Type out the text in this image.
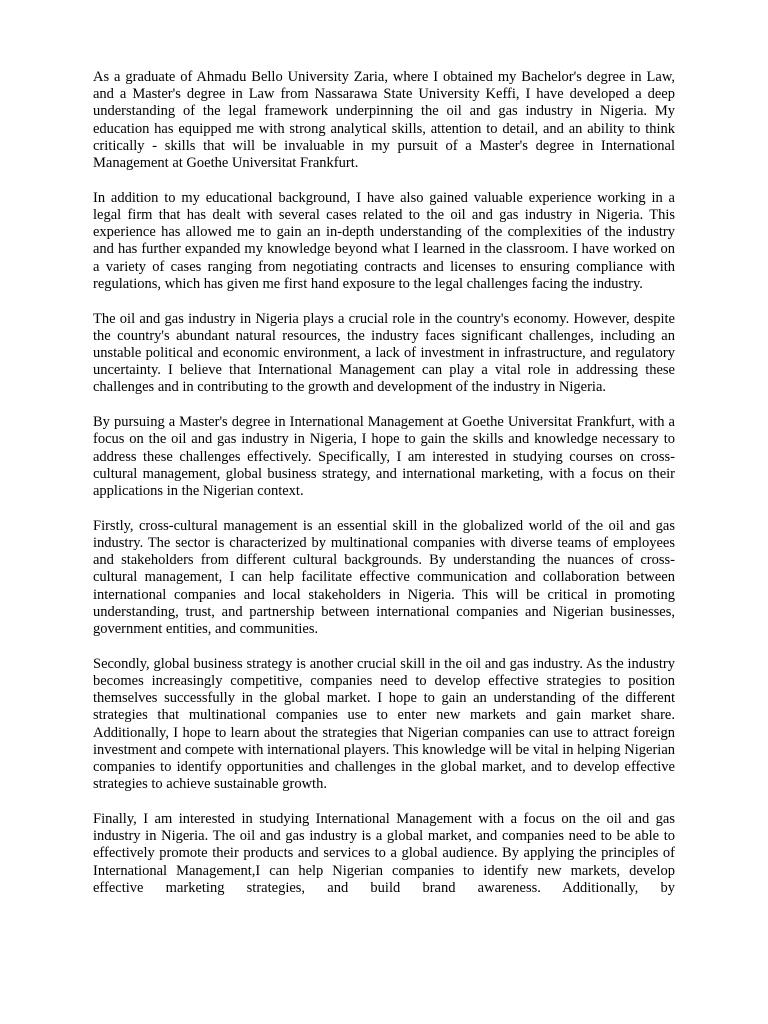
As a graduate of Ahmadu Bello University Zaria, where I obtained my Bachelor's degree in Law, and a Master's degree in Law from Nassarawa State University Keffi, I have developed a deep understanding of the legal framework underpinning the oil and gas industry in Nigeria. My education has equipped me with strong analytical skills, attention to detail, and an ability to think critically - skills that will be invaluable in my pursuit of a Master's degree in International Management at Goethe Universitat Frankfurt.

In addition to my educational background, I have also gained valuable experience working in a legal firm that has dealt with several cases related to the oil and gas industry in Nigeria. This experience has allowed me to gain an in-depth understanding of the complexities of the industry and has further expanded my knowledge beyond what I learned in the classroom. I have worked on a variety of cases ranging from negotiating contracts and licenses to ensuring compliance with regulations, which has given me first hand exposure to the legal challenges facing the industry.

The oil and gas industry in Nigeria plays a crucial role in the country's economy. However, despite the country's abundant natural resources, the industry faces significant challenges, including an unstable political and economic environment, a lack of investment in infrastructure, and regulatory uncertainty. I believe that International Management can play a vital role in addressing these challenges and in contributing to the growth and development of the industry in Nigeria.

By pursuing a Master's degree in International Management at Goethe Universitat Frankfurt, with a focus on the oil and gas industry in Nigeria, I hope to gain the skills and knowledge necessary to address these challenges effectively. Specifically, I am interested in studying courses on cross-cultural management, global business strategy, and international marketing, with a focus on their applications in the Nigerian context.

Firstly, cross-cultural management is an essential skill in the globalized world of the oil and gas industry. The sector is characterized by multinational companies with diverse teams of employees and stakeholders from different cultural backgrounds. By understanding the nuances of cross-cultural management, I can help facilitate effective communication and collaboration between international companies and local stakeholders in Nigeria. This will be critical in promoting understanding, trust, and partnership between international companies and Nigerian businesses, government entities, and communities.

Secondly, global business strategy is another crucial skill in the oil and gas industry. As the industry becomes increasingly competitive, companies need to develop effective strategies to position themselves successfully in the global market. I hope to gain an understanding of the different strategies that multinational companies use to enter new markets and gain market share. Additionally, I hope to learn about the strategies that Nigerian companies can use to attract foreign investment and compete with international players. This knowledge will be vital in helping Nigerian companies to identify opportunities and challenges in the global market, and to develop effective strategies to achieve sustainable growth.

Finally, I am interested in studying International Management with a focus on the oil and gas industry in Nigeria. The oil and gas industry is a global market, and companies need to be able to effectively promote their products and services to a global audience. By applying the principles of International Management,I can help Nigerian companies to identify new markets, develop effective marketing strategies, and build brand awareness. Additionally, by
